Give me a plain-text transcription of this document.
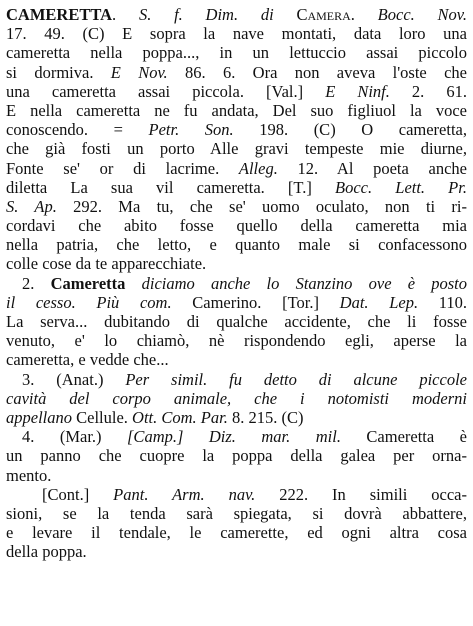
CAMERETTA. S. f. Dim. di Camera. Bocc. Nov.
17. 49. (C) E sopra la nave montati, data loro una
cameretta nella poppa..., in un lettuccio assai piccolo
si dormiva. E Nov. 86. 6. Ora non aveva l'oste che
una cameretta assai piccola. [Val.] E Ninf. 2. 61.
E nella cameretta ne fu andata, Del suo figliuol la voce
conoscendo. = Petr. Son. 198. (C) O cameretta,
che già fosti un porto Alle gravi tempeste mie diurne,
Fonte se' or di lacrime. Alleg. 12. Al poeta anche
diletta La sua vil cameretta. [T.] Bocc. Lett. Pr.
S. Ap. 292. Ma tu, che se' uomo oculato, non ti ri-
cordavi che abito fosse quello della cameretta mia
nella patria, che letto, e quanto male si confacessono
colle cose da te apparecchiate.
2. Cameretta diciamo anche lo Stanzino ove è posto
il cesso. Più com. Camerino. [Tor.] Dat. Lep. 110.
La serva... dubitando di qualche accidente, che li fosse
venuto, e' lo chiamò, nè rispondendo egli, aperse la
cameretta, e vedde che...
3. (Anat.) Per simil. fu detto di alcune piccole
cavità del corpo animale, che i notomisti moderni
appellano Cellule. Ott. Com. Par. 8. 215. (C)
4. (Mar.) [Camp.] Diz. mar. mil. Cameretta è
un panno che cuopre la poppa della galea per orna-
mento.
[Cont.] Pant. Arm. nav. 222. In simili occa-
sioni, se la tenda sarà spiegata, si dovrà abbattere,
e levare il tendale, le camerette, ed ogni altra cosa
della poppa.
